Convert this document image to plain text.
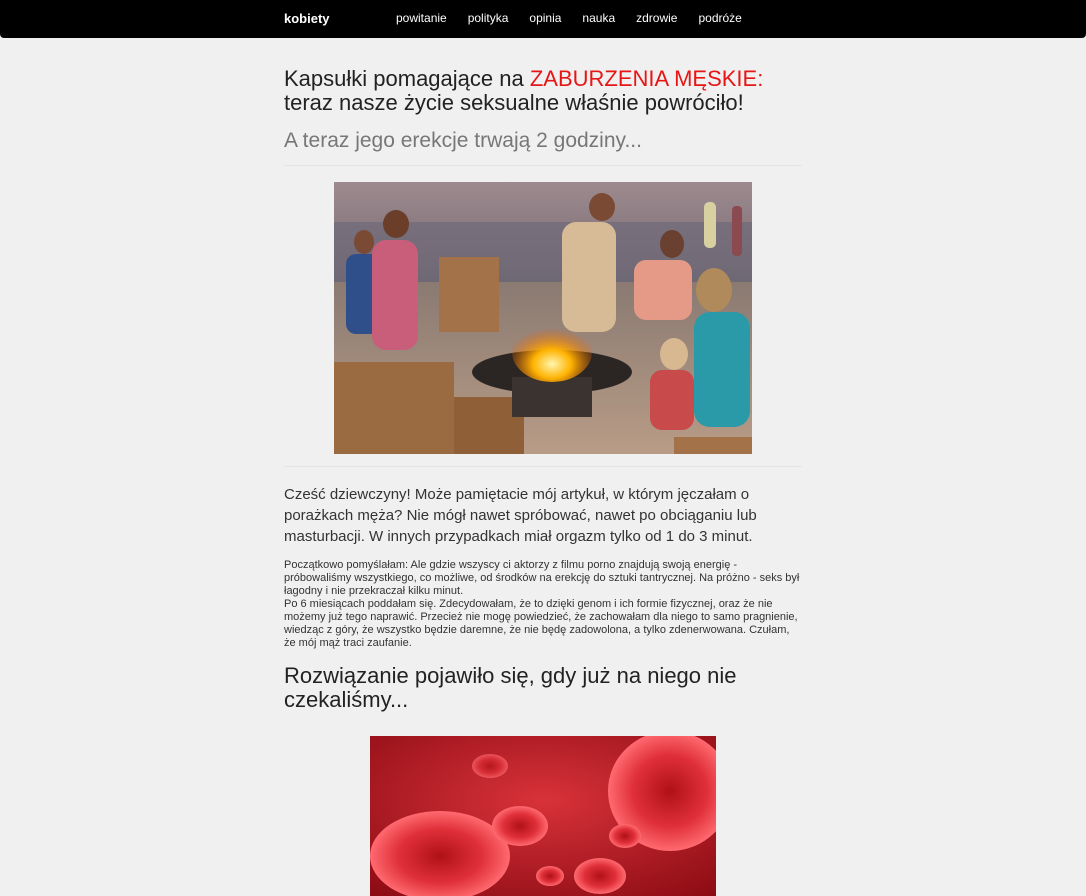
kobiety	powitanie polityka opinia nauka zdrowie podróże
Kapsułki pomagające na ZABURZENIA MĘSKIE:
teraz nasze życie seksualne właśnie powróciło!
A teraz jego erekcje trwają 2 godziny...

Cześć dziewczyny! Może pamiętacie mój artykuł, w którym jęczałam o porażkach męża? Nie mógł nawet spróbować, nawet po obciąganiu lub masturbacji. W innych przypadkach miał orgazm tylko od 1 do 3 minut.

Początkowo pomyślałam: Ale gdzie wszyscy ci aktorzy z filmu porno znajdują swoją energię - próbowaliśmy wszystkiego, co możliwe, od środków na erekcję do sztuki tantrycznej. Na próżno - seks był łagodny i nie przekraczał kilku minut.

Po 6 miesiącach poddałam się. Zdecydowałam, że to dzięki genom i ich formie fizycznej, oraz że nie możemy już tego naprawić. Przecież nie mogę powiedzieć, że zachowałam dla niego to samo pragnienie, wiedząc z góry, że wszystko będzie daremne, że nie będę zadowolona, a tylko zdenerwowana. Czułam, że mój mąż traci zaufanie.

Rozwiązanie pojawiło się, gdy już na niego nie czekaliśmy...
